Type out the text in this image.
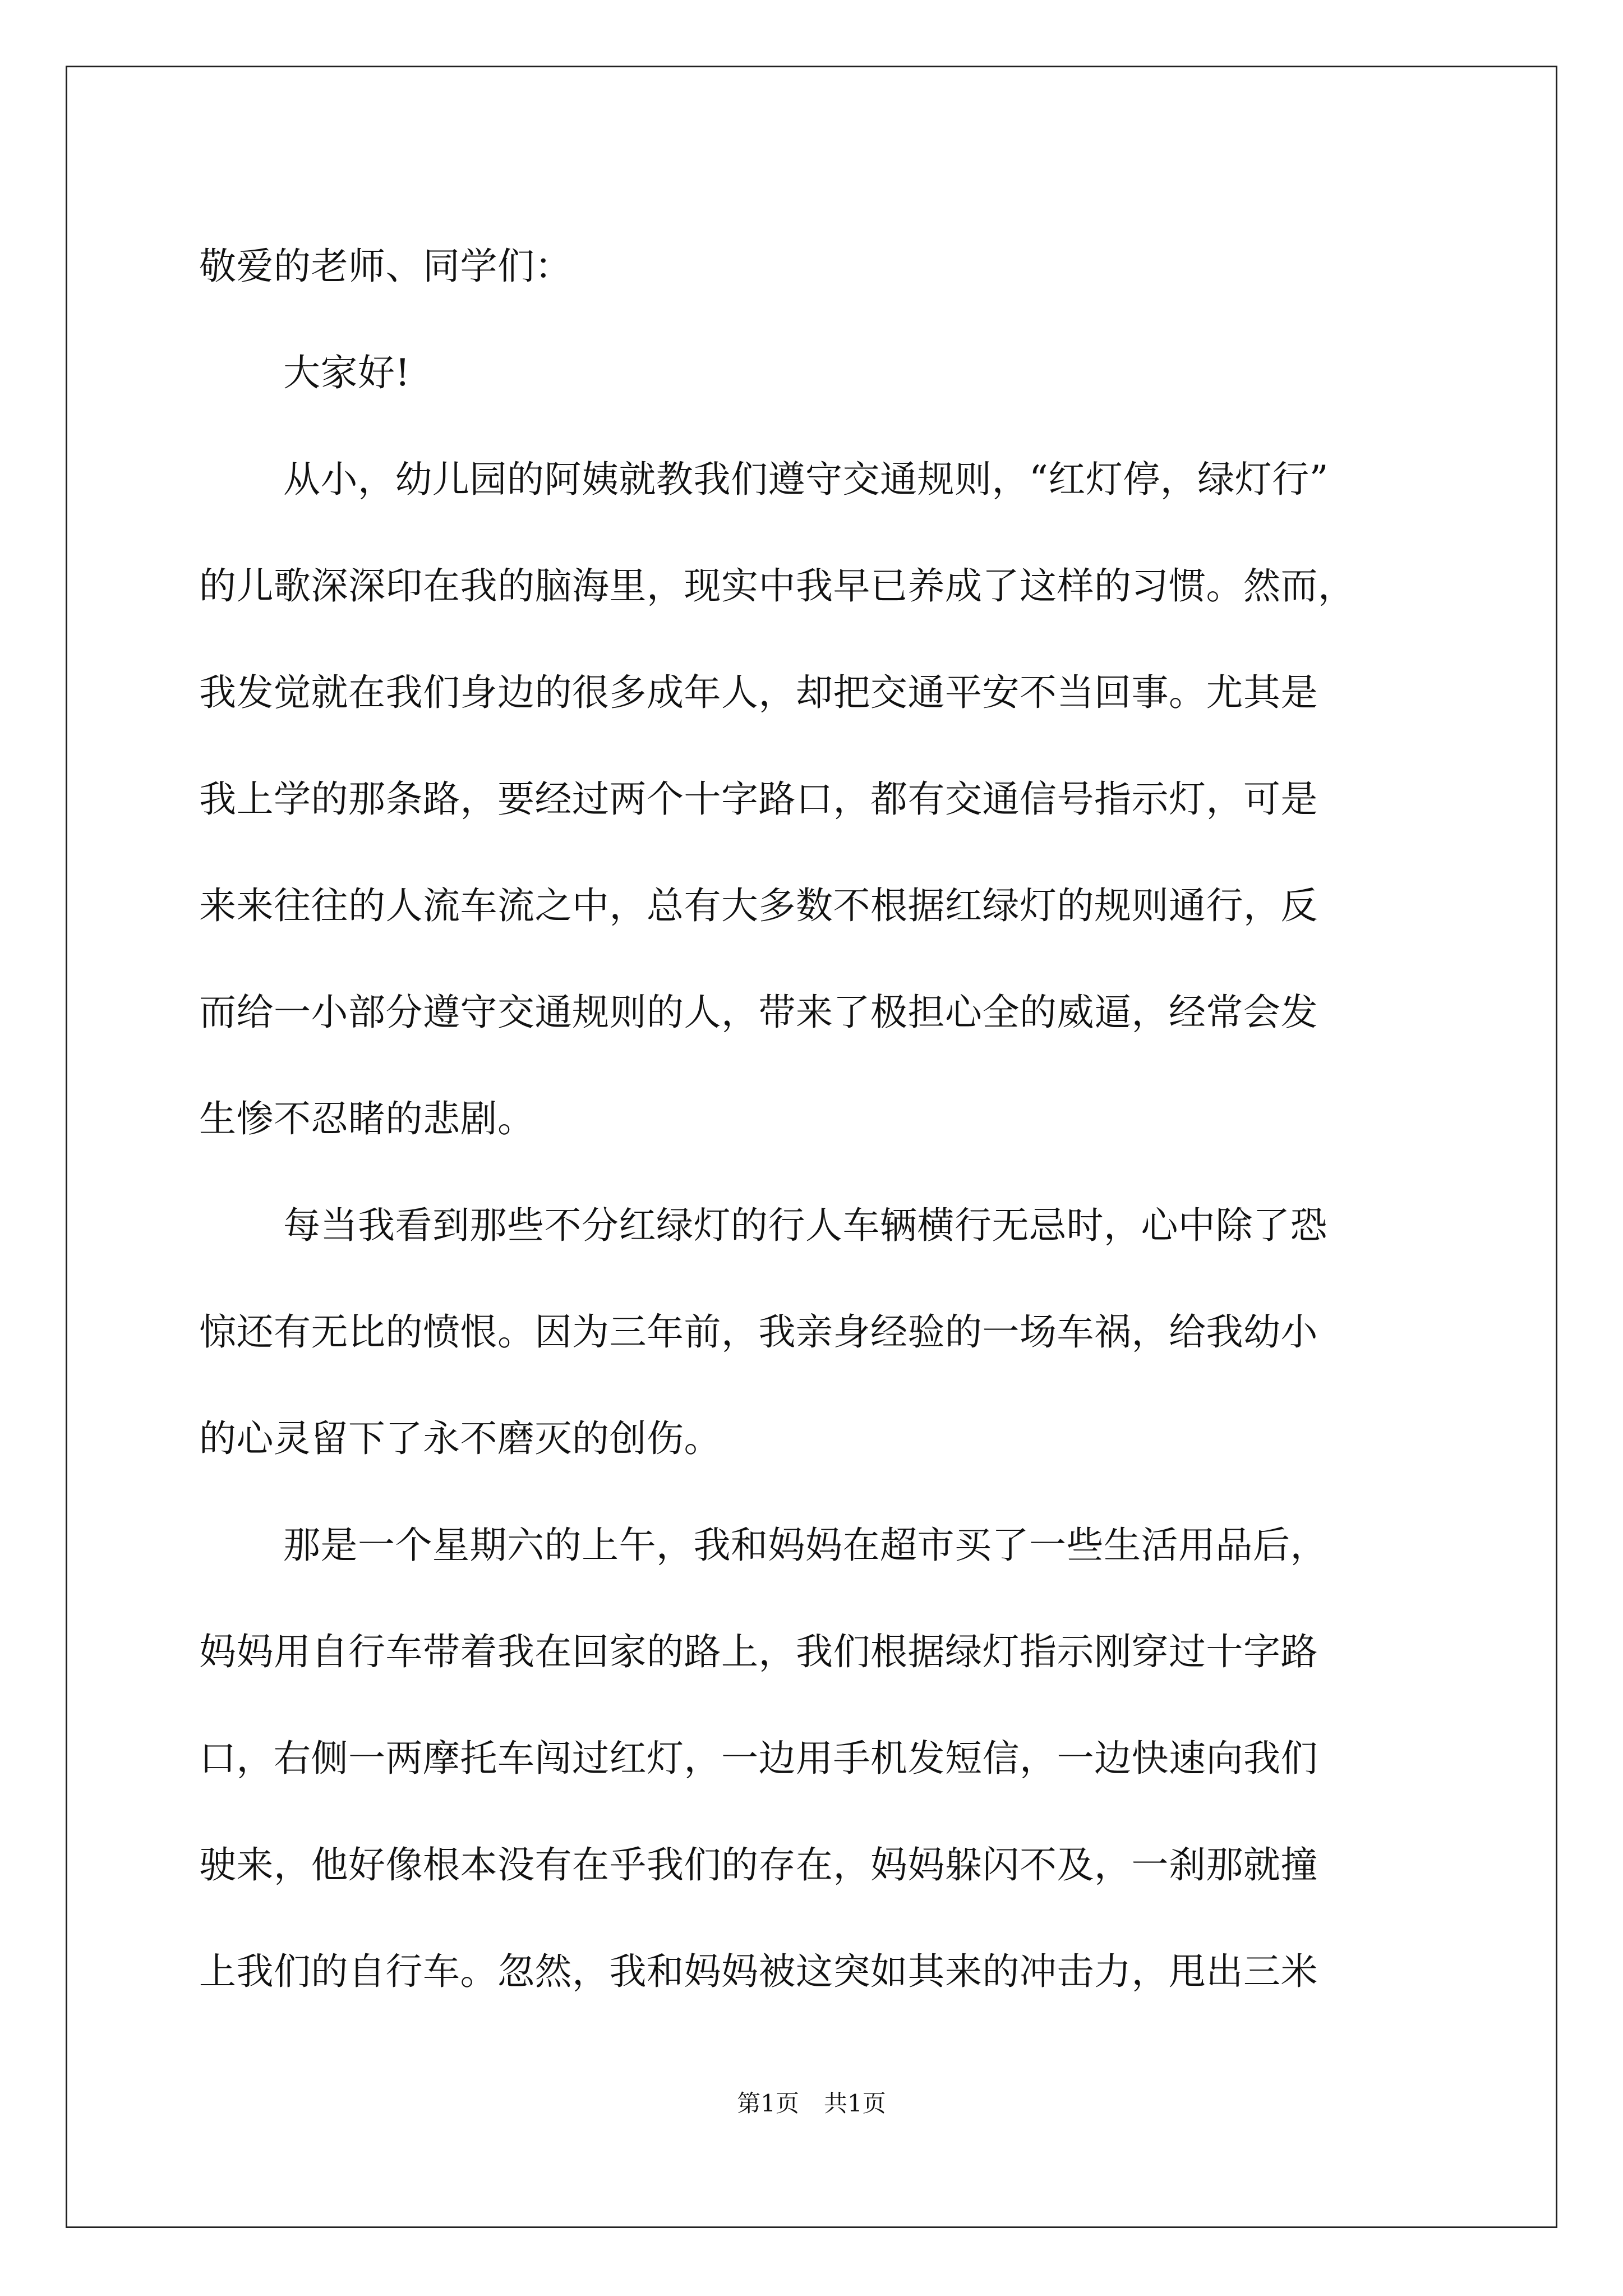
敬爱的老师、同学们：

大家好!

从小，幼儿园的阿姨就教我们遵守交通规则，“红灯停，绿灯行”
的儿歌深深印在我的脑海里，现实中我早已养成了这样的习惯。然而，
我发觉就在我们身边的很多成年人，却把交通平安不当回事。尤其是
我上学的那条路，要经过两个十字路口，都有交通信号指示灯，可是
来来往往的人流车流之中，总有大多数不根据红绿灯的规则通行，反
而给一小部分遵守交通规则的人，带来了极担心全的威逼，经常会发
生惨不忍睹的悲剧。

每当我看到那些不分红绿灯的行人车辆横行无忌时，心中除了恐
惊还有无比的愤恨。因为三年前，我亲身经验的一场车祸，给我幼小
的心灵留下了永不磨灭的创伤。

那是一个星期六的上午，我和妈妈在超市买了一些生活用品后，
妈妈用自行车带着我在回家的路上，我们根据绿灯指示刚穿过十字路
口，右侧一两摩托车闯过红灯，一边用手机发短信，一边快速向我们
驶来，他好像根本没有在乎我们的存在，妈妈躲闪不及，一刹那就撞
上我们的自行车。忽然，我和妈妈被这突如其来的冲击力，甩出三米

第1页 共1页
